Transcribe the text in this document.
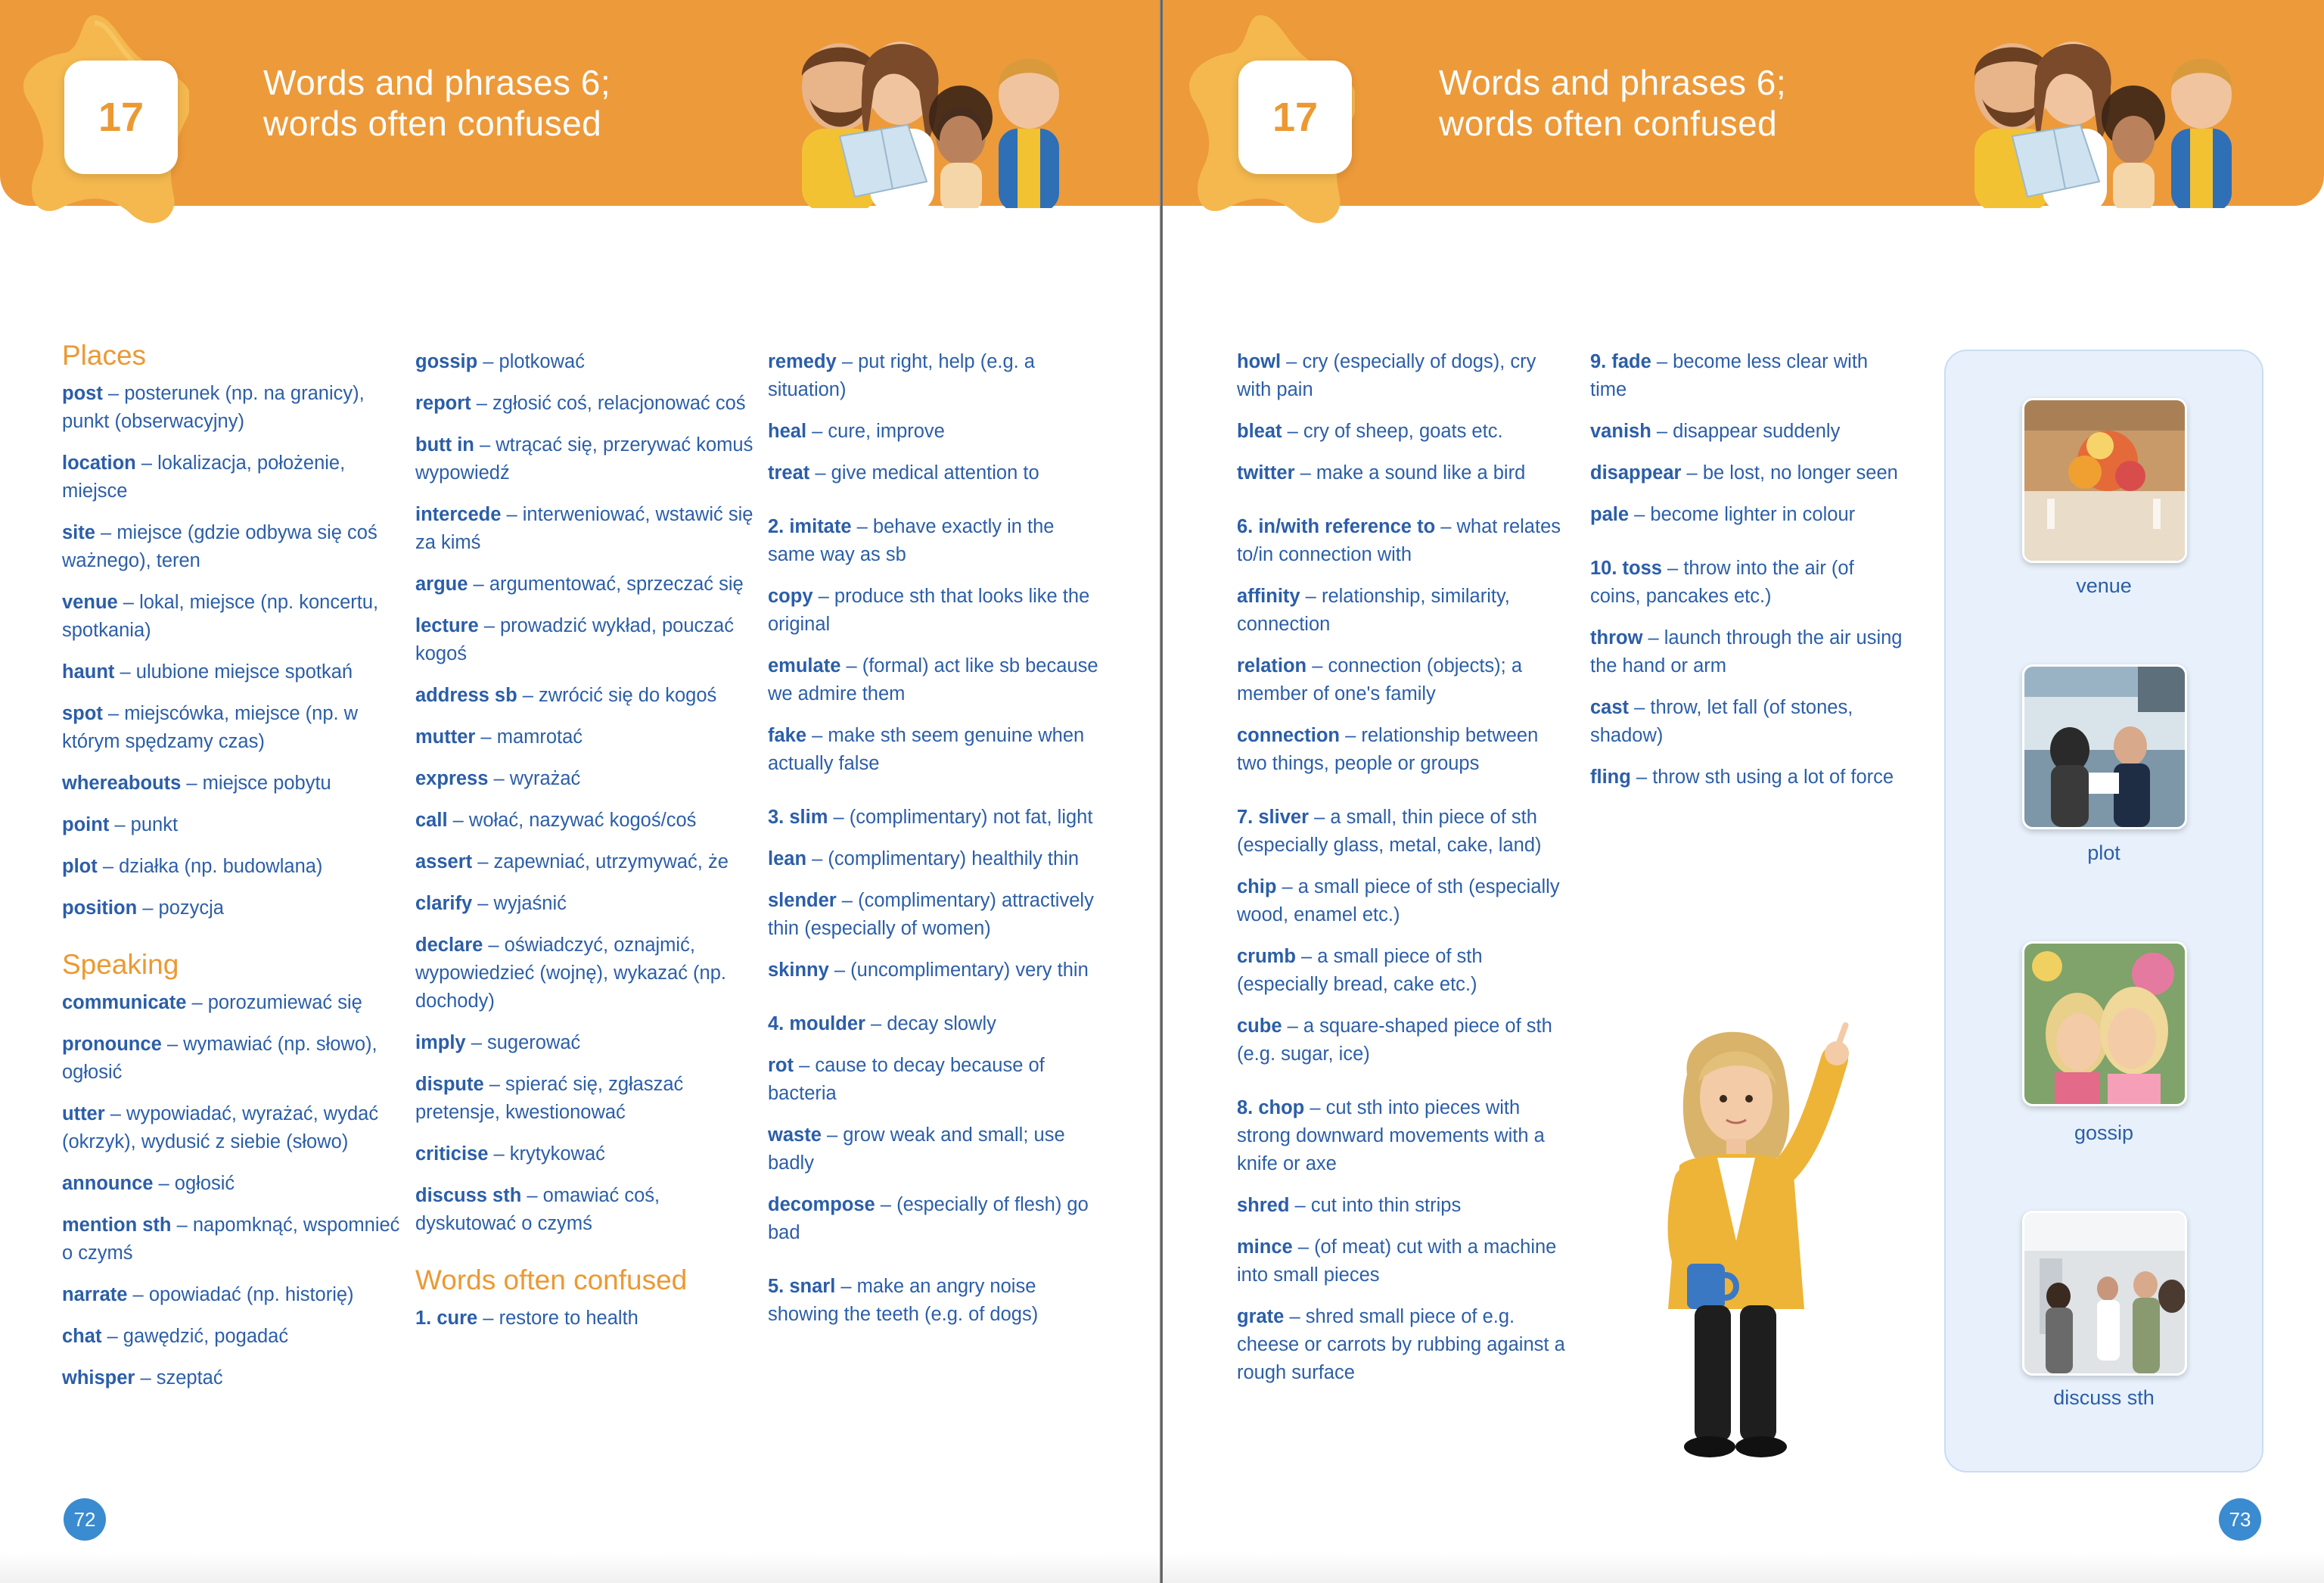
17
Words and phrases 6;
words often confused
Places
post – posterunek (np. na granicy), punkt (obserwacyjny)
location – lokalizacja, położenie, miejsce
site – miejsce (gdzie odbywa się coś ważnego), teren
venue – lokal, miejsce (np. koncertu, spotkania)
haunt – ulubione miejsce spotkań
spot – miejscówka, miejsce (np. w którym spędzamy czas)
whereabouts – miejsce pobytu
point – punkt
plot – działka (np. budowlana)
position – pozycja
Speaking
communicate – porozumiewać się
pronounce – wymawiać (np. słowo), ogłosić
utter – wypowiadać, wyrażać, wydać (okrzyk), wydusić z siebie (słowo)
announce – ogłosić
mention sth – napomknąć, wspomnieć o czymś
narrate – opowiadać (np. historię)
chat – gawędzić, pogadać
whisper – szeptać
gossip – plotkować
report – zgłosić coś, relacjonować coś
butt in – wtrącać się, przerywać komuś wypowiedź
intercede – interweniować, wstawić się za kimś
argue – argumentować, sprzeczać się
lecture – prowadzić wykład, pouczać kogoś
address sb – zwrócić się do kogoś
mutter – mamrotać
express – wyrażać
call – wołać, nazywać kogoś/coś
assert – zapewniać, utrzymywać, że
clarify – wyjaśnić
declare – oświadczyć, oznajmić, wypowiedzieć (wojnę), wykazać (np. dochody)
imply – sugerować
dispute – spierać się, zgłaszać pretensje, kwestionować
criticise – krytykować
discuss sth – omawiać coś, dyskutować o czymś
Words often confused
1. cure – restore to health
remedy – put right, help (e.g. a situation)
heal – cure, improve
treat – give medical attention to
2. imitate – behave exactly in the same way as sb
copy – produce sth that looks like the original
emulate – (formal) act like sb because we admire them
fake – make sth seem genuine when actually false
3. slim – (complimentary) not fat, light
lean – (complimentary) healthily thin
slender – (complimentary) attractively thin (especially of women)
skinny – (uncomplimentary) very thin
4. moulder – decay slowly
rot – cause to decay because of bacteria
waste – grow weak and small; use badly
decompose – (especially of flesh) go bad
5. snarl – make an angry noise showing the teeth (e.g. of dogs)
72
17
Words and phrases 6;
words often confused
howl – cry (especially of dogs), cry with pain
bleat – cry of sheep, goats etc.
twitter – make a sound like a bird
6. in/with reference to – what relates to/in connection with
affinity – relationship, similarity, connection
relation – connection (objects); a member of one's family
connection – relationship between two things, people or groups
7. sliver – a small, thin piece of sth (especially glass, metal, cake, land)
chip – a small piece of sth (especially wood, enamel etc.)
crumb – a small piece of sth (especially bread, cake etc.)
cube – a square-shaped piece of sth (e.g. sugar, ice)
8. chop – cut sth into pieces with strong downward movements with a knife or axe
shred – cut into thin strips
mince – (of meat) cut with a machine into small pieces
grate – shred small piece of e.g. cheese or carrots by rubbing against a rough surface
9. fade – become less clear with time
vanish – disappear suddenly
disappear – be lost, no longer seen
pale – become lighter in colour
10. toss – throw into the air (of coins, pancakes etc.)
throw – launch through the air using the hand or arm
cast – throw, let fall (of stones, shadow)
fling – throw sth using a lot of force
venue
plot
gossip
discuss sth
73
